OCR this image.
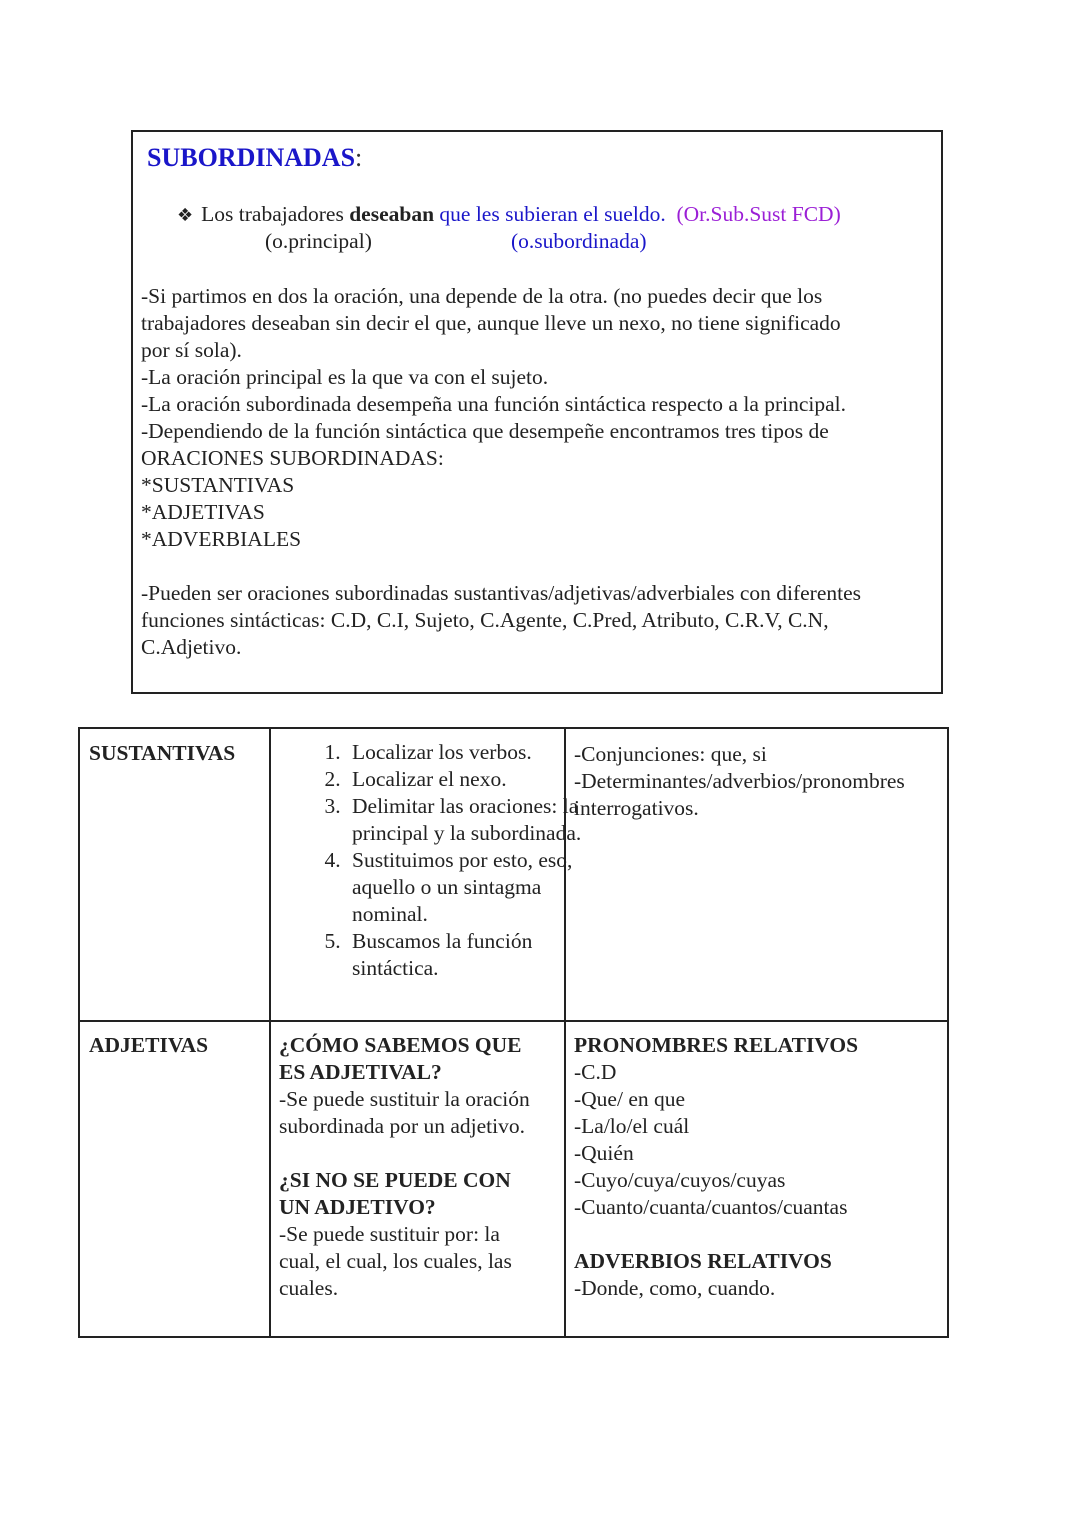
SUBORDINADAS:
❖ Los trabajadores deseaban que les subieran el sueldo. (Or.Sub.Sust FCD)
(o.principal)	(o.subordinada)
-Si partimos en dos la oración, una depende de la otra. (no puedes decir que los
trabajadores deseaban sin decir el que, aunque lleve un nexo, no tiene significado
por sí sola).
-La oración principal es la que va con el sujeto.
-La oración subordinada desempeña una función sintáctica respecto a la principal.
-Dependiendo de la función sintáctica que desempeñe encontramos tres tipos de
ORACIONES SUBORDINADAS:
*SUSTANTIVAS
*ADJETIVAS
*ADVERBIALES
-Pueden ser oraciones subordinadas sustantivas/adjetivas/adverbiales con diferentes
funciones sintácticas: C.D, C.I, Sujeto, C.Agente, C.Pred, Atributo, C.R.V, C.N,
C.Adjetivo.
SUSTANTIVAS
1.	Localizar los verbos.
2. Localizar el nexo.
3. Delimitar las oraciones: la principal y la subordinada.
4. Sustituimos por esto, eso, aquello o un sintagma nominal.
5. Buscamos la función sintáctica.
-Conjunciones: que, si
-Determinantes/adverbios/pronombres
interrogativos.
ADJETIVAS	¿CÓMO SABEMOS QUE
ES ADJETIVAL?
-Se puede sustituir la oración
subordinada por un adjetivo.
¿SI NO SE PUEDE CON
UN ADJETIVO?
-Se puede sustituir por: la
cual, el cual, los cuales, las
cuales.
PRONOMBRES RELATIVOS
-C.D
-Que/ en que
-La/lo/el cuál
-Quién
-Cuyo/cuya/cuyos/cuyas
-Cuanto/cuanta/cuantos/cuantas
ADVERBIOS RELATIVOS
-Donde, como, cuando.
